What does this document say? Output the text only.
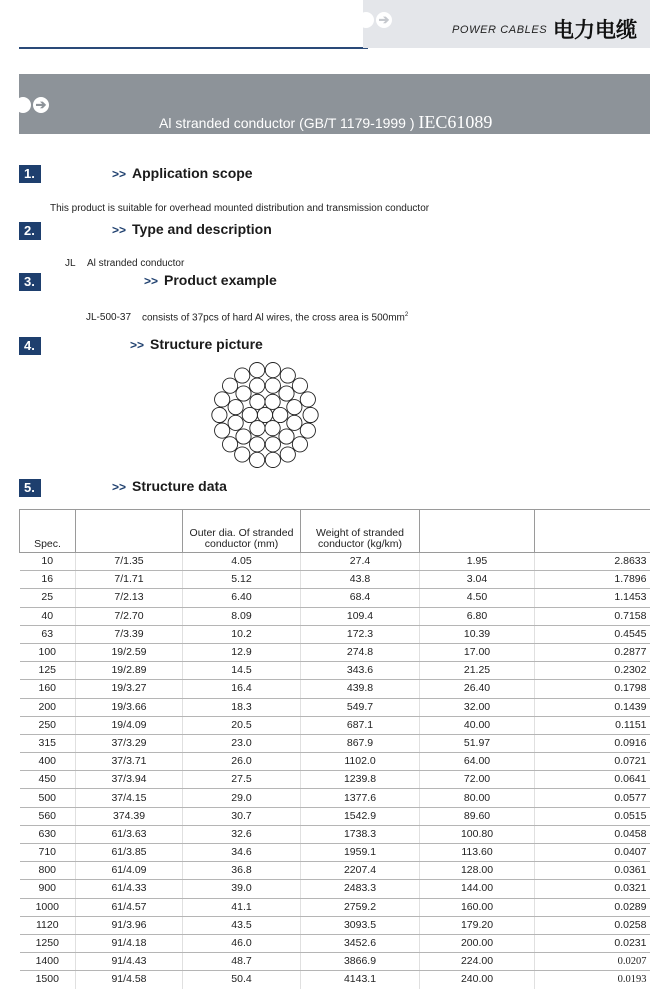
➔
POWER CABLES 电力电缆
➔
Al stranded conductor (GB/T 1179-1999 ) IEC61089
1.	>> Application scope
This product is suitable for overhead mounted distribution and transmission conductor
2.	>> Type and description
JL Al stranded conductor
3.	>> Product example
JL-500-37 consists of 37pcs of hard Al wires, the cross area is $500mm^2$
4.	>> Structure picture
5.	>> Structure data
Spec.		Outer dia. Of stranded conductor (mm)	Weight of stranded conductor (kg/km)		
10	7/1.35	4.05	27.4	1.95	2.8633
16	7/1.71	5.12	43.8	3.04	1.7896
25	7/2.13	6.40	68.4	4.50	1.1453
40	7/2.70	8.09	109.4	6.80	0.7158
63	7/3.39	10.2	172.3	10.39	0.4545
100	19/2.59	12.9	274.8	17.00	0.2877
125	19/2.89	14.5	343.6	21.25	0.2302
160	19/3.27	16.4	439.8	26.40	0.1798
200	19/3.66	18.3	549.7	32.00	0.1439
250	19/4.09	20.5	687.1	40.00	0.1151
315	37/3.29	23.0	867.9	51.97	0.0916
400	37/3.71	26.0	1102.0	64.00	0.0721
450	37/3.94	27.5	1239.8	72.00	0.0641
500	37/4.15	29.0	1377.6	80.00	0.0577
560	374.39	30.7	1542.9	89.60	0.0515
630	61/3.63	32.6	1738.3	100.80	0.0458
710	61/3.85	34.6	1959.1	113.60	0.0407
800	61/4.09	36.8	2207.4	128.00	0.0361
900	61/4.33	39.0	2483.3	144.00	0.0321
1000	61/4.57	41.1	2759.2	160.00	0.0289
1120	91/3.96	43.5	3093.5	179.20	0.0258
1250	91/4.18	46.0	3452.6	200.00	0.0231
1400	91/4.43	48.7	3866.9	224.00	0.0207
1500	91/4.58	50.4	4143.1	240.00	0.0193
